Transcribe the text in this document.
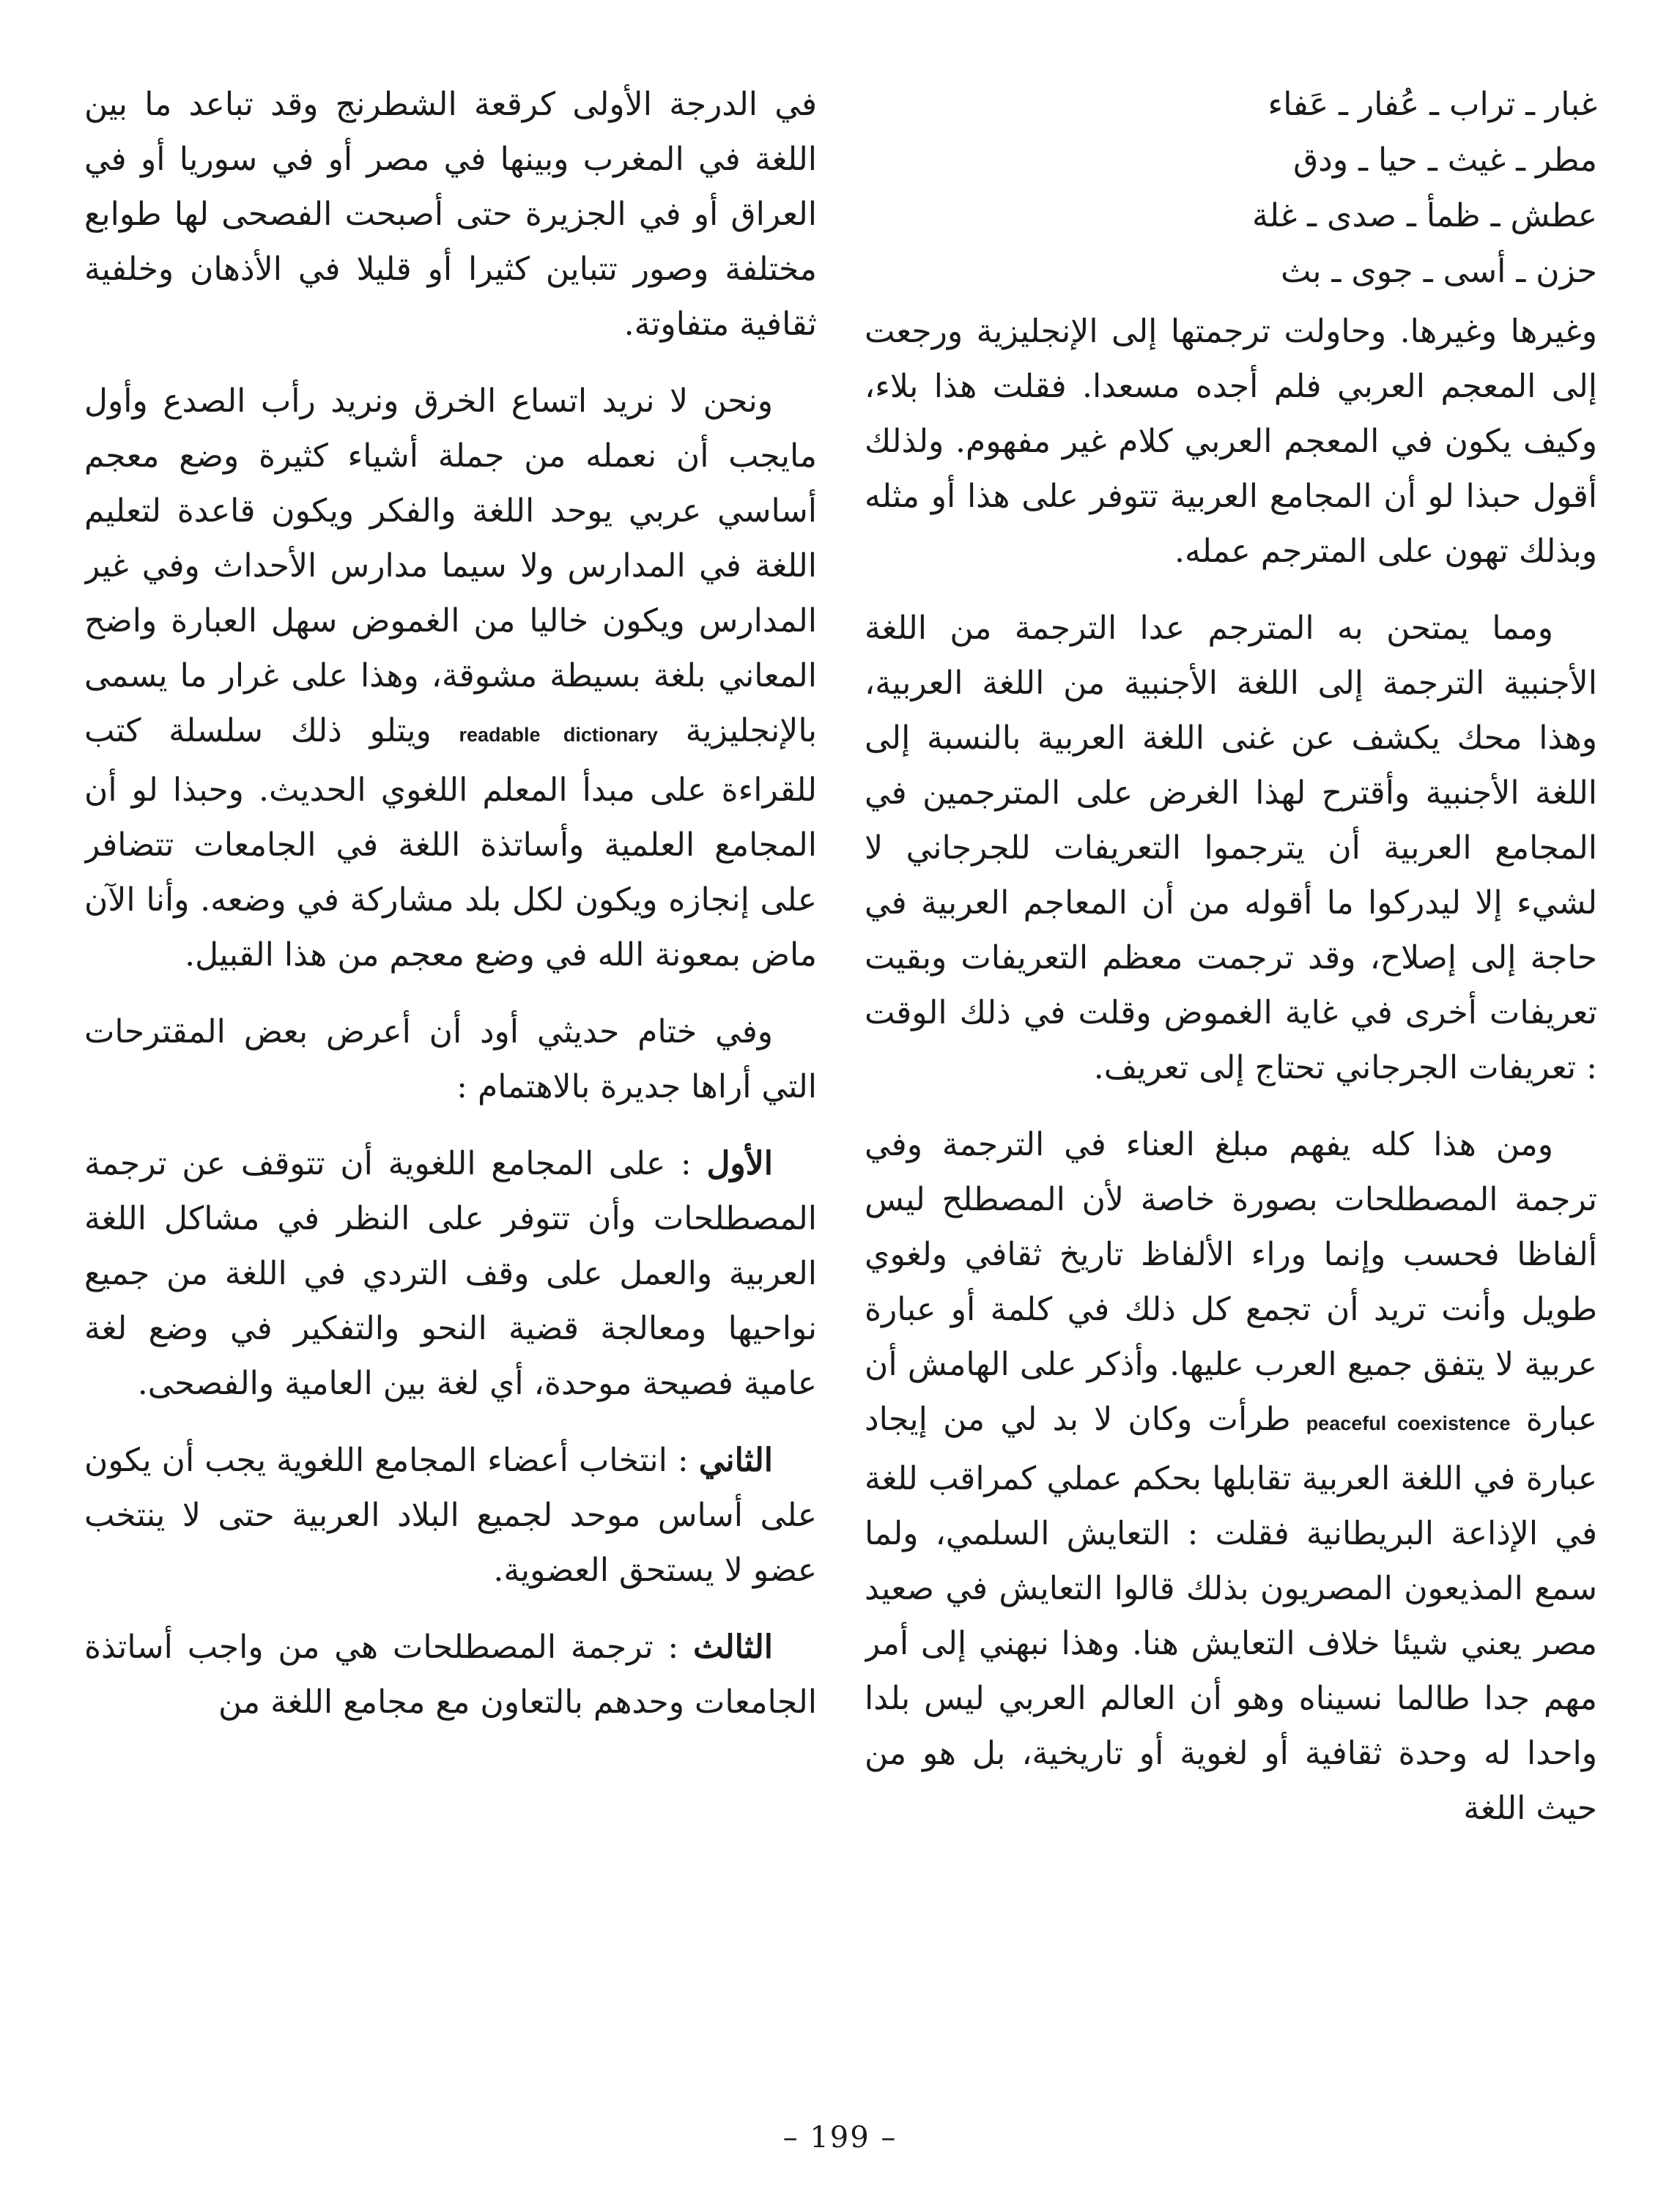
غبار ـ تراب ـ عُفار ـ عَفاء
مطر ـ غيث ـ حيا ـ ودق
عطش ـ ظمأ ـ صدى ـ غلة
حزن ـ أسى ـ جوى ـ بث

وغيرها وغيرها. وحاولت ترجمتها إلى الإنجليزية ورجعت إلى المعجم العربي فلم أجده مسعدا. فقلت هذا بلاء، وكيف يكون في المعجم العربي كلام غير مفهوم. ولذلك أقول حبذا لو أن المجامع العربية تتوفر على هذا أو مثله وبذلك تهون على المترجم عمله.

ومما يمتحن به المترجم عدا الترجمة من اللغة الأجنبية الترجمة إلى اللغة الأجنبية من اللغة العربية، وهذا محك يكشف عن غنى اللغة العربية بالنسبة إلى اللغة الأجنبية وأقترح لهذا الغرض على المترجمين في المجامع العربية أن يترجموا التعريفات للجرجاني لا لشيء إلا ليدركوا ما أقوله من أن المعاجم العربية في حاجة إلى إصلاح، وقد ترجمت معظم التعريفات وبقيت تعريفات أخرى في غاية الغموض وقلت في ذلك الوقت : تعريفات الجرجاني تحتاج إلى تعريف.

ومن هذا كله يفهم مبلغ العناء في الترجمة وفي ترجمة المصطلحات بصورة خاصة لأن المصطلح ليس ألفاظا فحسب وإنما وراء الألفاظ تاريخ ثقافي ولغوي طويل وأنت تريد أن تجمع كل ذلك في كلمة أو عبارة عربية لا يتفق جميع العرب عليها. وأذكر على الهامش أن عبارة peaceful coexistence طرأت وكان لا بد لي من إيجاد عبارة في اللغة العربية تقابلها بحكم عملي كمراقب للغة في الإذاعة البريطانية فقلت : التعايش السلمي، ولما سمع المذيعون المصريون بذلك قالوا التعايش في صعيد مصر يعني شيئا خلاف التعايش هنا. وهذا نبهني إلى أمر مهم جدا طالما نسيناه وهو أن العالم العربي ليس بلدا واحدا له وحدة ثقافية أو لغوية أو تاريخية، بل هو من حيث اللغة

في الدرجة الأولى كرقعة الشطرنج وقد تباعد ما بين اللغة في المغرب وبينها في مصر أو في سوريا أو في العراق أو في الجزيرة حتى أصبحت الفصحى لها طوابع مختلفة وصور تتباين كثيرا أو قليلا في الأذهان وخلفية ثقافية متفاوتة.

ونحن لا نريد اتساع الخرق ونريد رأب الصدع وأول مايجب أن نعمله من جملة أشياء كثيرة وضع معجم أساسي عربي يوحد اللغة والفكر ويكون قاعدة لتعليم اللغة في المدارس ولا سيما مدارس الأحداث وفي غير المدارس ويكون خاليا من الغموض سهل العبارة واضح المعاني بلغة بسيطة مشوقة، وهذا على غرار ما يسمى بالإنجليزية readable dictionary ويتلو ذلك سلسلة كتب للقراءة على مبدأ المعلم اللغوي الحديث. وحبذا لو أن المجامع العلمية وأساتذة اللغة في الجامعات تتضافر على إنجازه ويكون لكل بلد مشاركة في وضعه. وأنا الآن ماض بمعونة الله في وضع معجم من هذا القبيل.

وفي ختام حديثي أود أن أعرض بعض المقترحات التي أراها جديرة بالاهتمام :

الأول : على المجامع اللغوية أن تتوقف عن ترجمة المصطلحات وأن تتوفر على النظر في مشاكل اللغة العربية والعمل على وقف التردي في اللغة من جميع نواحيها ومعالجة قضية النحو والتفكير في وضع لغة عامية فصيحة موحدة، أي لغة بين العامية والفصحى.

الثاني : انتخاب أعضاء المجامع اللغوية يجب أن يكون على أساس موحد لجميع البلاد العربية حتى لا ينتخب عضو لا يستحق العضوية.

الثالث : ترجمة المصطلحات هي من واجب أساتذة الجامعات وحدهم بالتعاون مع مجامع اللغة من

– 199 –
